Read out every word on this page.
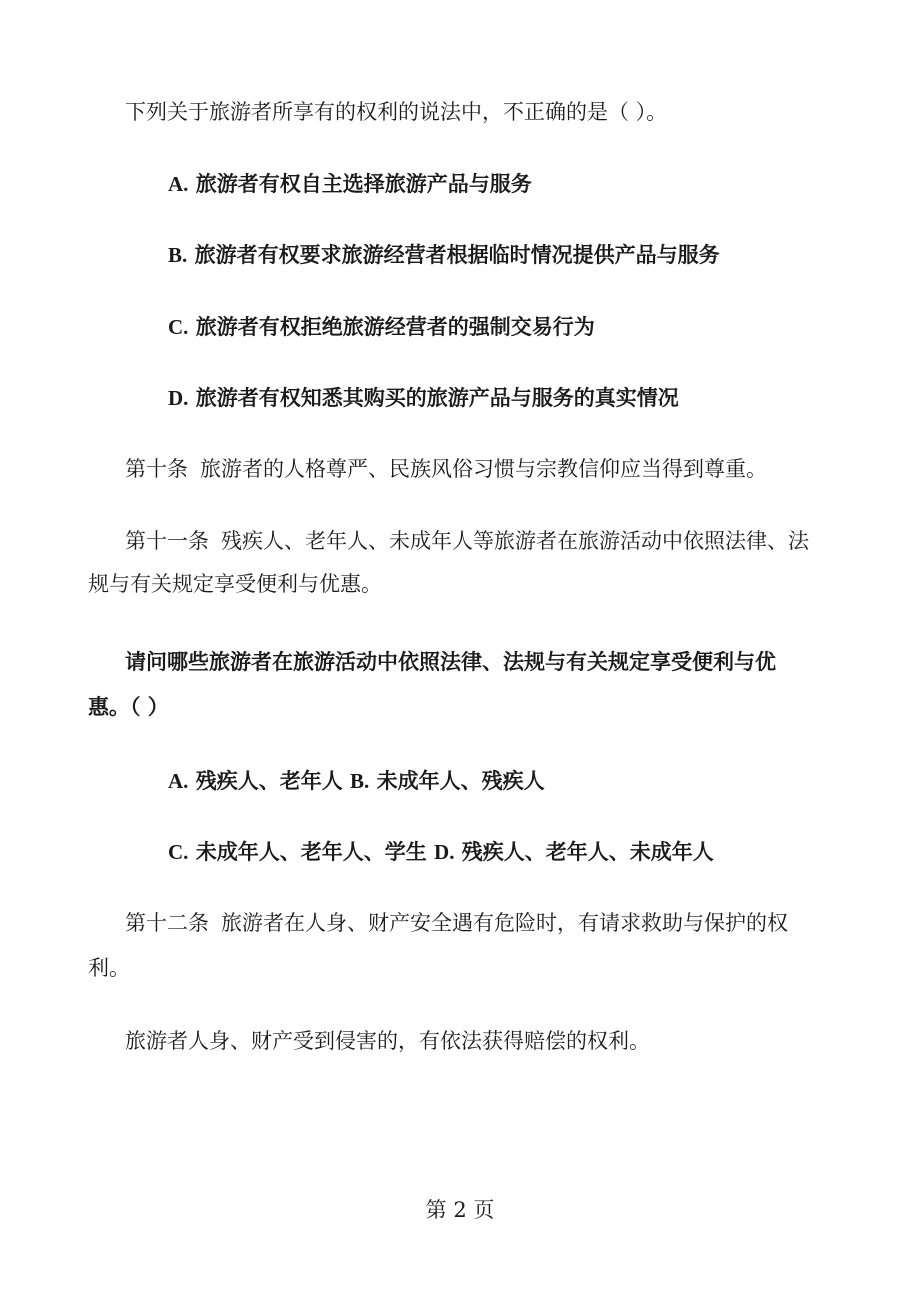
下列关于旅游者所享有的权利的说法中，不正确的是（ ）。
A. 旅游者有权自主选择旅游产品与服务
B. 旅游者有权要求旅游经营者根据临时情况提供产品与服务
C. 旅游者有权拒绝旅游经营者的强制交易行为
D. 旅游者有权知悉其购买的旅游产品与服务的真实情况
第十条 旅游者的人格尊严、民族风俗习惯与宗教信仰应当得到尊重。
第十一条 残疾人、老年人、未成年人等旅游者在旅游活动中依照法律、法
规与有关规定享受便利与优惠。
请问哪些旅游者在旅游活动中依照法律、法规与有关规定享受便利与优
惠。（ ）
A. 残疾人、老年人 B. 未成年人、残疾人
C. 未成年人、老年人、学生 D. 残疾人、老年人、未成年人
第十二条 旅游者在人身、财产安全遇有危险时，有请求救助与保护的权
利。
旅游者人身、财产受到侵害的，有依法获得赔偿的权利。
第 2 页
